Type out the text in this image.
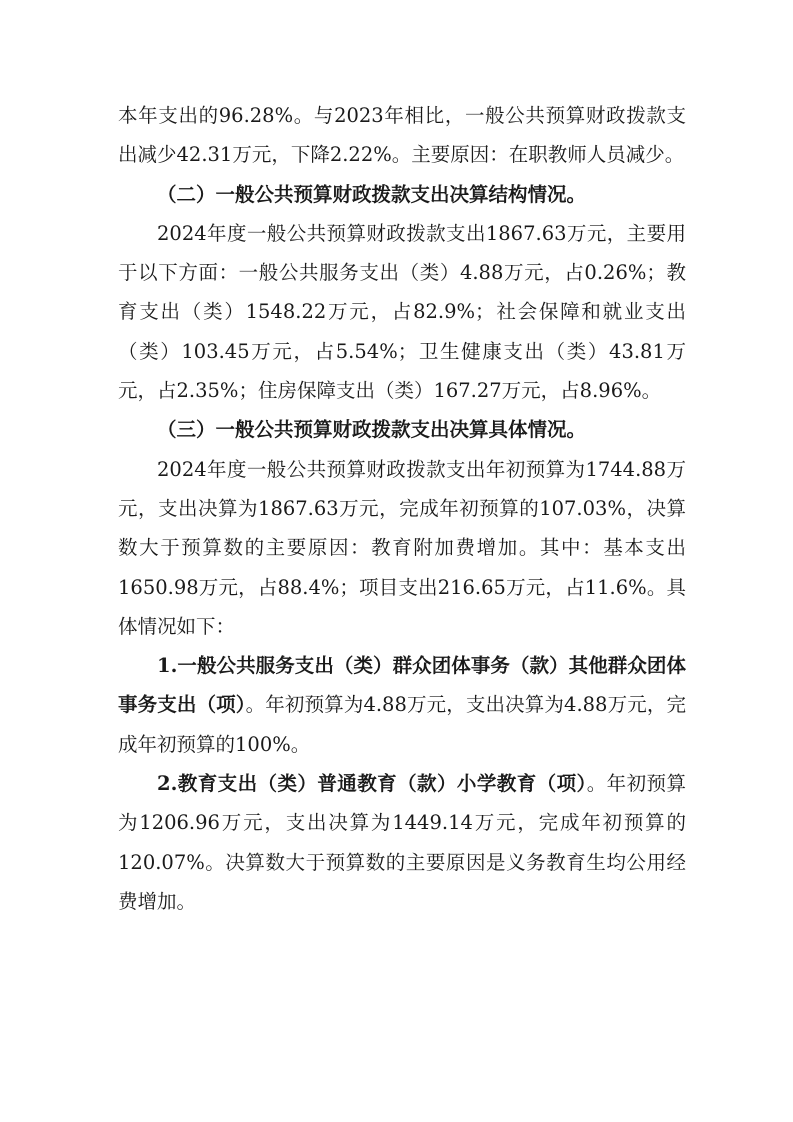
本年支出的96.28%。与2023年相比，一般公共预算财政拨款支出减少42.31万元，下降2.22%。主要原因：在职教师人员减少。

（二）一般公共预算财政拨款支出决算结构情况。

2024年度一般公共预算财政拨款支出1867.63万元，主要用于以下方面：一般公共服务支出（类）4.88万元，占0.26%；教育支出（类）1548.22万元，占82.9%；社会保障和就业支出（类）103.45万元，占5.54%；卫生健康支出（类）43.81万元，占2.35%；住房保障支出（类）167.27万元，占8.96%。

（三）一般公共预算财政拨款支出决算具体情况。

2024年度一般公共预算财政拨款支出年初预算为1744.88万元，支出决算为1867.63万元，完成年初预算的107.03%，决算数大于预算数的主要原因：教育附加费增加。其中：基本支出1650.98万元，占88.4%；项目支出216.65万元，占11.6%。具体情况如下：

1.一般公共服务支出（类）群众团体事务（款）其他群众团体事务支出（项）。年初预算为4.88万元，支出决算为4.88万元，完成年初预算的100%。

2.教育支出（类）普通教育（款）小学教育（项）。年初预算为1206.96万元，支出决算为1449.14万元，完成年初预算的120.07%。决算数大于预算数的主要原因是义务教育生均公用经费增加。
